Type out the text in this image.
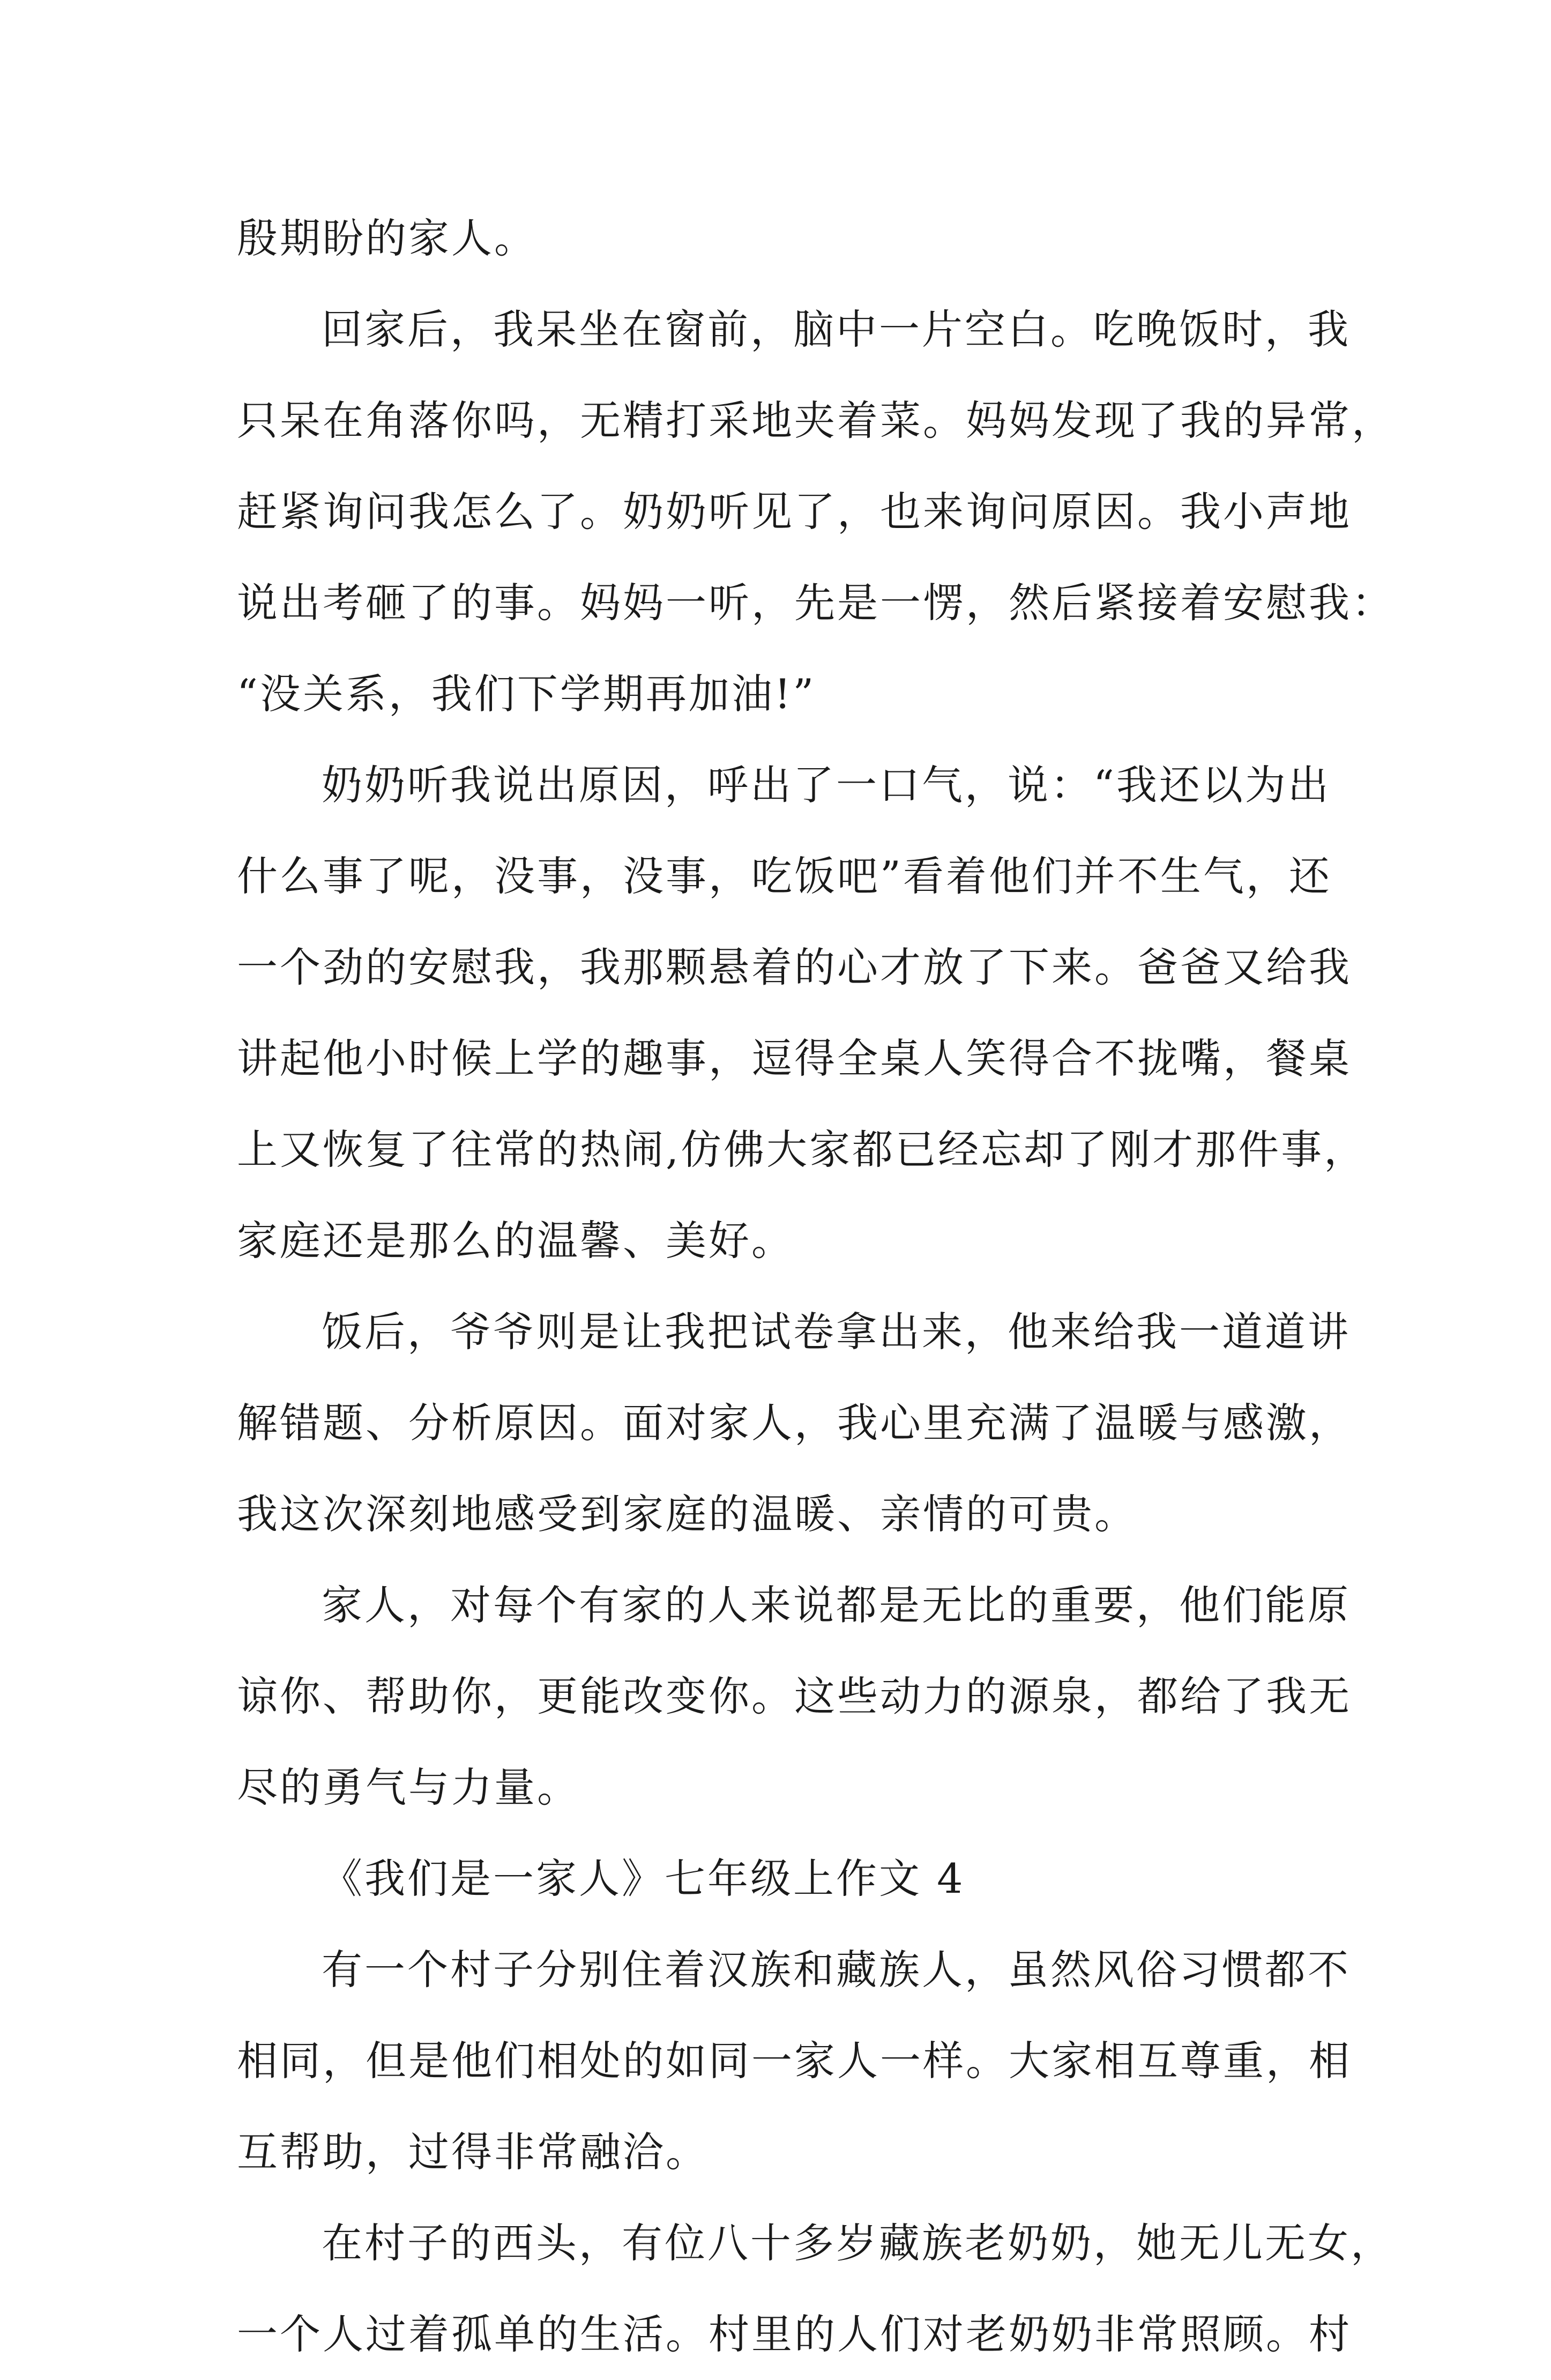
殷期盼的家人。
回家后，我呆坐在窗前，脑中一片空白。吃晚饭时，我
只呆在角落你吗，无精打采地夹着菜。妈妈发现了我的异常，
赶紧询问我怎么了。奶奶听见了，也来询问原因。我小声地
说出考砸了的事。妈妈一听，先是一愣，然后紧接着安慰我：
“没关系，我们下学期再加油!”
奶奶听我说出原因，呼出了一口气，说：“我还以为出
什么事了呢，没事，没事，吃饭吧”看着他们并不生气，还
一个劲的安慰我，我那颗悬着的心才放了下来。爸爸又给我
讲起他小时候上学的趣事，逗得全桌人笑得合不拢嘴，餐桌
上又恢复了往常的热闹,仿佛大家都已经忘却了刚才那件事，
家庭还是那么的温馨、美好。
饭后，爷爷则是让我把试卷拿出来，他来给我一道道讲
解错题、分析原因。面对家人，我心里充满了温暖与感激，
我这次深刻地感受到家庭的温暖、亲情的可贵。
家人，对每个有家的人来说都是无比的重要，他们能原
谅你、帮助你，更能改变你。这些动力的源泉，都给了我无
尽的勇气与力量。
《我们是一家人》七年级上作文 4
有一个村子分别住着汉族和藏族人，虽然风俗习惯都不
相同，但是他们相处的如同一家人一样。大家相互尊重，相
互帮助，过得非常融洽。
在村子的西头，有位八十多岁藏族老奶奶，她无儿无女，
一个人过着孤单的生活。村里的人们对老奶奶非常照顾。村
